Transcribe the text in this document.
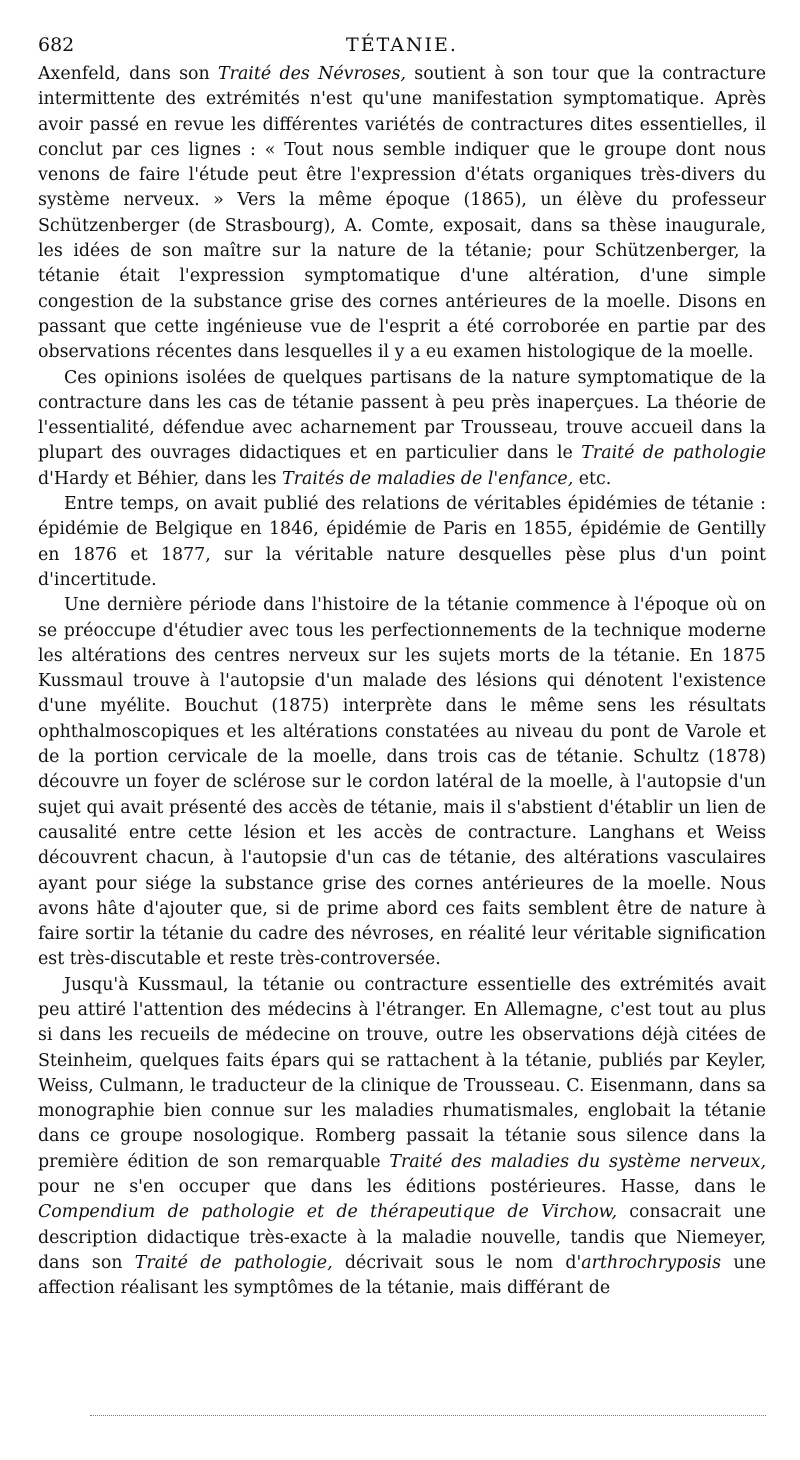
682	TÉTANIE.

Axenfeld, dans son Traité des Névroses, soutient à son tour que la contracture intermittente des extrémités n'est qu'une manifestation symptomatique. Après avoir passé en revue les différentes variétés de contractures dites essentielles, il conclut par ces lignes : « Tout nous semble indiquer que le groupe dont nous venons de faire l'étude peut être l'expression d'états organiques très-divers du système nerveux. » Vers la même époque (1865), un élève du professeur Schützenberger (de Strasbourg), A. Comte, exposait, dans sa thèse inaugurale, les idées de son maître sur la nature de la tétanie; pour Schützenberger, la tétanie était l'expression symptomatique d'une altération, d'une simple congestion de la substance grise des cornes antérieures de la moelle. Disons en passant que cette ingénieuse vue de l'esprit a été corroborée en partie par des observations récentes dans lesquelles il y a eu examen histologique de la moelle.

Ces opinions isolées de quelques partisans de la nature symptomatique de la contracture dans les cas de tétanie passent à peu près inaperçues. La théorie de l'essentialité, défendue avec acharnement par Trousseau, trouve accueil dans la plupart des ouvrages didactiques et en particulier dans le Traité de pathologie d'Hardy et Béhier, dans les Traités de maladies de l'enfance, etc.

Entre temps, on avait publié des relations de véritables épidémies de tétanie : épidémie de Belgique en 1846, épidémie de Paris en 1855, épidémie de Gentilly en 1876 et 1877, sur la véritable nature desquelles pèse plus d'un point d'incertitude.

Une dernière période dans l'histoire de la tétanie commence à l'époque où on se préoccupe d'étudier avec tous les perfectionnements de la technique moderne les altérations des centres nerveux sur les sujets morts de la tétanie. En 1875 Kussmaul trouve à l'autopsie d'un malade des lésions qui dénotent l'existence d'une myélite. Bouchut (1875) interprète dans le même sens les résultats ophthalmoscopiques et les altérations constatées au niveau du pont de Varole et de la portion cervicale de la moelle, dans trois cas de tétanie. Schultz (1878) découvre un foyer de sclérose sur le cordon latéral de la moelle, à l'autopsie d'un sujet qui avait présenté des accès de tétanie, mais il s'abstient d'établir un lien de causalité entre cette lésion et les accès de contracture. Langhans et Weiss découvrent chacun, à l'autopsie d'un cas de tétanie, des altérations vasculaires ayant pour siége la substance grise des cornes antérieures de la moelle. Nous avons hâte d'ajouter que, si de prime abord ces faits semblent être de nature à faire sortir la tétanie du cadre des névroses, en réalité leur véritable signification est très-discutable et reste très-controversée.

Jusqu'à Kussmaul, la tétanie ou contracture essentielle des extrémités avait peu attiré l'attention des médecins à l'étranger. En Allemagne, c'est tout au plus si dans les recueils de médecine on trouve, outre les observations déjà citées de Steinheim, quelques faits épars qui se rattachent à la tétanie, publiés par Keyler, Weiss, Culmann, le traducteur de la clinique de Trousseau. C. Eisenmann, dans sa monographie bien connue sur les maladies rhumatismales, englobait la tétanie dans ce groupe nosologique. Romberg passait la tétanie sous silence dans la première édition de son remarquable Traité des maladies du système nerveux, pour ne s'en occuper que dans les éditions postérieures. Hasse, dans le Compendium de pathologie et de thérapeutique de Virchow, consacrait une description didactique très-exacte à la maladie nouvelle, tandis que Niemeyer, dans son Traité de pathologie, décrivait sous le nom d'arthrochryposis une affection réalisant les symptômes de la tétanie, mais différant de
